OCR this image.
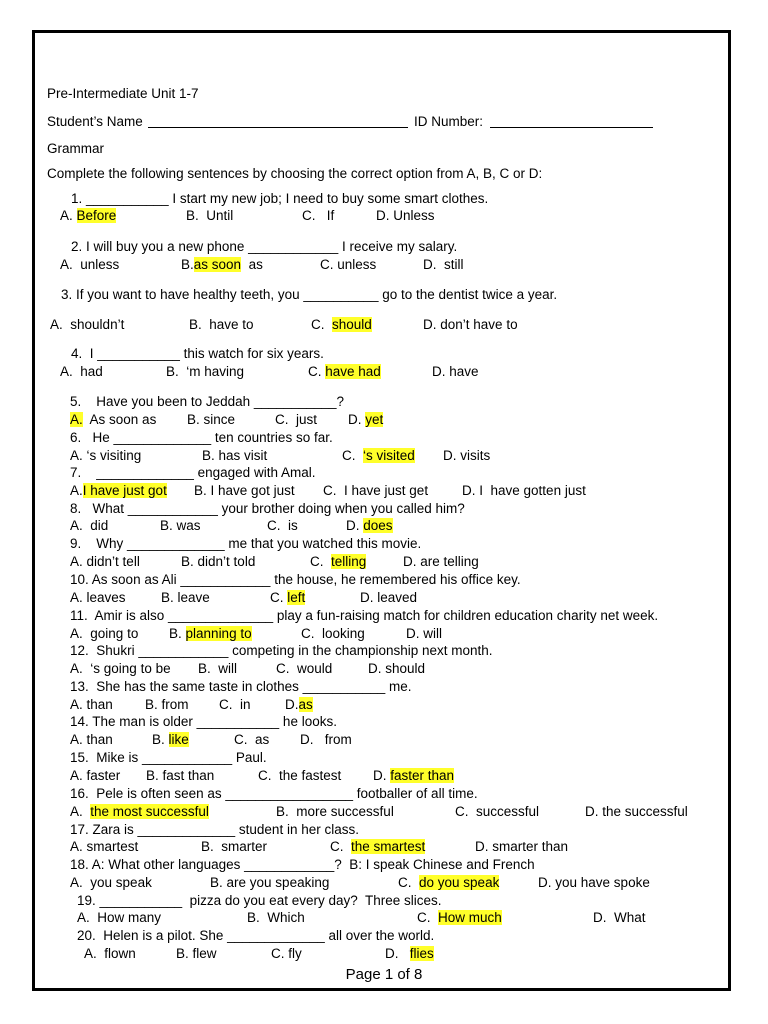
Pre-Intermediate Unit 1-7
Student’s Name	ID Number:
Grammar
Complete the following sentences by choosing the correct option from A, B, C or D:
1. ___________ I start my new job; I need to buy some smart clothes.
A. Before	B. Until	C. If	D. Unless
2. I will buy you a new phone ____________ I receive my salary.
A. unless	B.as soon as	C. unless	D. still
3. If you want to have healthy teeth, you __________ go to the dentist twice a year.
A. shouldn’t	B. have to	C. should	D. don’t have to
4. I ___________ this watch for six years.
A. had	B. ‘m having	C. have had	D. have
5. Have you been to Jeddah ___________?
A. As soon as B. since	C. just D. yet
6. He _____________ ten countries so far.
A. ‘s visiting	B. has visit	C. ‘s visited D. visits
7. _____________ engaged with Amal.
A.I have just got B. I have got just C. I have just get	D. I  have gotten just
8. What ____________ your brother doing when you called him?
A. did	B. was	C. is	D. does
9. Why _____________ me that you watched this movie.
A. didn’t tell	B. didn’t told	C. telling	D. are telling
10. As soon as Ali ____________ the house, he remembered his office key.
A. leaves	B. leave	C. left	D. leaved
11. Amir is also ______________ play a fun-raising match for children education charity net week.
A. going to B. planning to	C. looking	D. will
12. Shukri ____________ competing in the championship next month.
A. ‘s going to be B. will	C. would	D. should
13. She has the same taste in clothes ___________ me.
A. than B. from C. in	D.as
14. The man is older ___________ he looks.
A. than	B. like	C. as D. from
15. Mike is ____________ Paul.
A. faster B. fast than	C. the fastest D. faster than
16. Pele is often seen as _________________ footballer of all time.
A. the most successful	B. more successful	C. successful	D. the successful
17. Zara is _____________ student in her class.
A. smartest	B. smarter	C. the smartest	D. smarter than
18. A: What other languages ____________?  B: I speak Chinese and French
A. you speak	B. are you speaking	C. do you speak	D. you have spoke
19. ___________  pizza do you eat every day?  Three slices.
A. How many	B. Which	C. How much	D. What
20. Helen is a pilot. She _____________ all over the world.
A. flown	B. flew	C. fly	D. flies
Page 1 of 8
